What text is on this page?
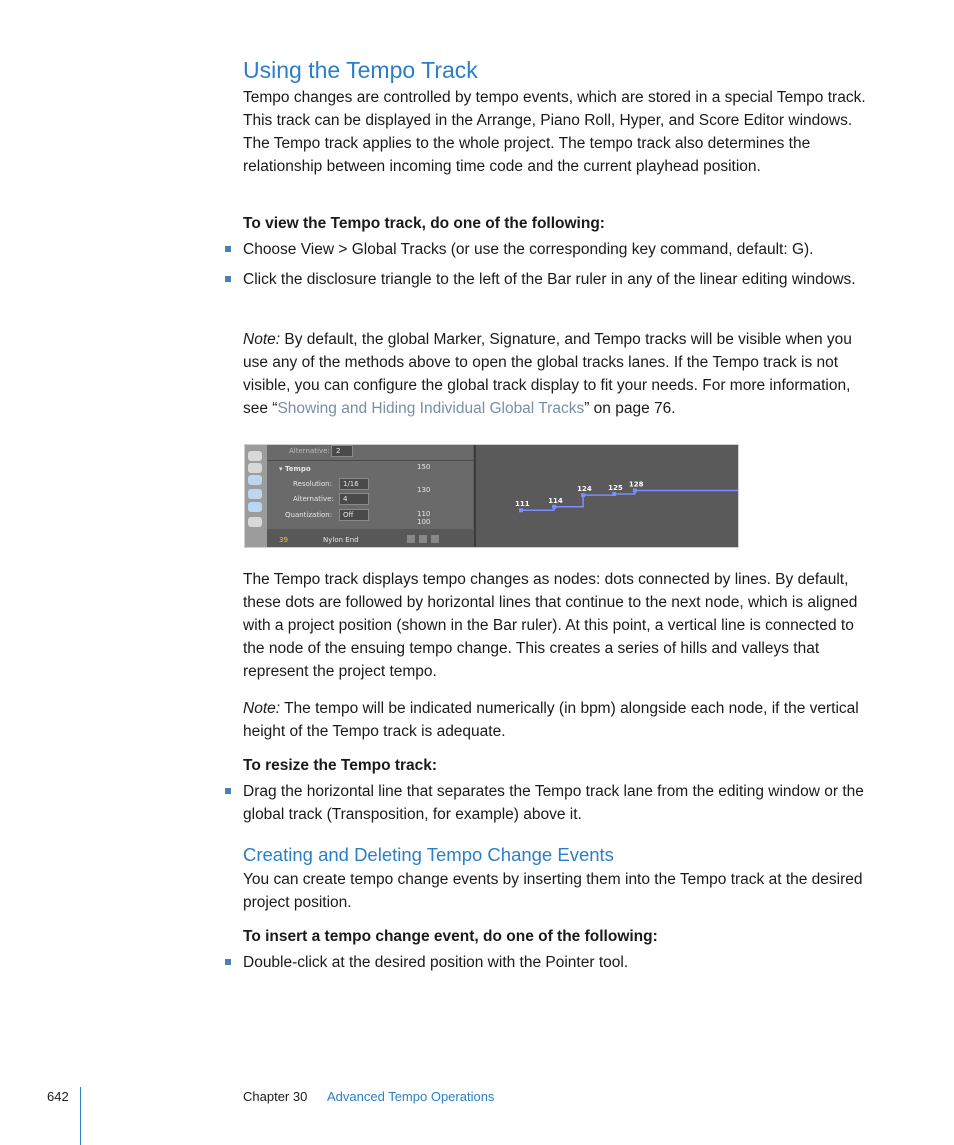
Using the Tempo Track
Tempo changes are controlled by tempo events, which are stored in a special Tempo track. This track can be displayed in the Arrange, Piano Roll, Hyper, and Score Editor windows. The Tempo track applies to the whole project. The tempo track also determines the relationship between incoming time code and the current playhead position.
To view the Tempo track, do one of the following:
Choose View > Global Tracks (or use the corresponding key command, default: G).
Click the disclosure triangle to the left of the Bar ruler in any of the linear editing windows.
Note: By default, the global Marker, Signature, and Tempo tracks will be visible when you use any of the methods above to open the global tracks lanes. If the Tempo track is not visible, you can configure the global track display to fit your needs. For more information, see “Showing and Hiding Individual Global Tracks” on page 76.
Alternative: 2
▾ Tempo	150
Resolution: 1/16
Alternative: 4
130
Quantization: Off	110
100
39	Nylon End
111	114
124 125 128
The Tempo track displays tempo changes as nodes: dots connected by lines. By default, these dots are followed by horizontal lines that continue to the next node, which is aligned with a project position (shown in the Bar ruler). At this point, a vertical line is connected to the node of the ensuing tempo change. This creates a series of hills and valleys that represent the project tempo.
Note: The tempo will be indicated numerically (in bpm) alongside each node, if the vertical height of the Tempo track is adequate.
To resize the Tempo track:
Drag the horizontal line that separates the Tempo track lane from the editing window or the global track (Transposition, for example) above it.
Creating and Deleting Tempo Change Events
You can create tempo change events by inserting them into the Tempo track at the desired project position.
To insert a tempo change event, do one of the following:
Double-click at the desired position with the Pointer tool.
642	Chapter 30 Advanced Tempo Operations
